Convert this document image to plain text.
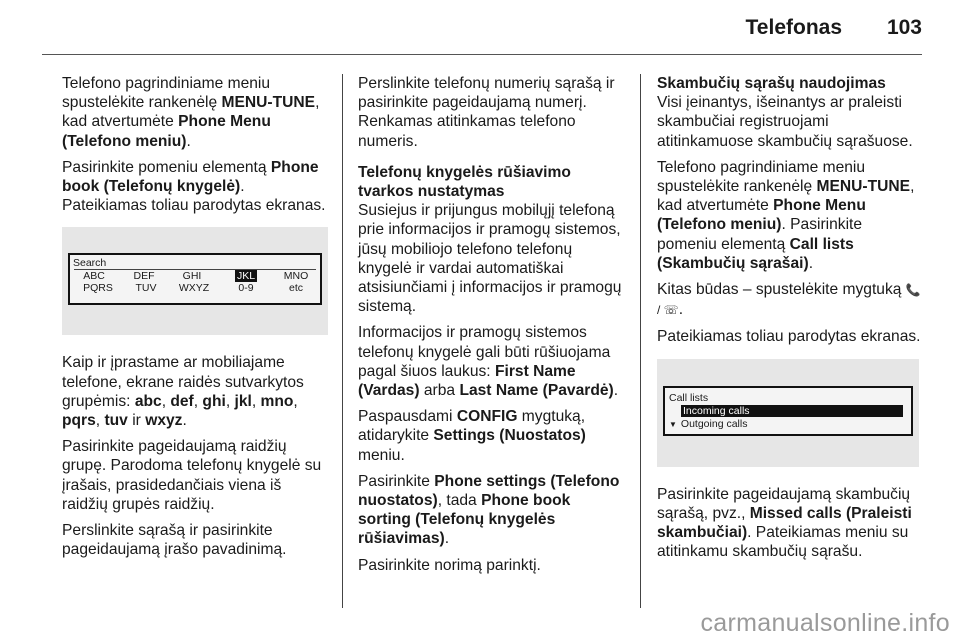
Telefonas 103

Telefono pagrindiniame meniu spustelėkite rankenėlę MENU-TUNE, kad atvertumėte Phone Menu (Telefono meniu).

Pasirinkite pomeniu elementą Phone book (Telefonų knygelė).
Pateikiamas toliau parodytas ekranas.

Search
ABC	DEF	GHI	JKL	MNO
PQRS	TUV	WXYZ	0-9	etc

Kaip ir įprastame ar mobiliajame telefone, ekrane raidės sutvarkytos grupėmis: abc, def, ghi, jkl, mno, pqrs, tuv ir wxyz.

Pasirinkite pageidaujamą raidžių grupę. Parodoma telefonų knygelė su įrašais, prasidedančiais viena iš raidžių grupės raidžių.

Perslinkite sąrašą ir pasirinkite pageidaujamą įrašo pavadinimą.

Perslinkite telefonų numerių sąrašą ir pasirinkite pageidaujamą numerį. Renkamas atitinkamas telefono numeris.

Telefonų knygelės rūšiavimo tvarkos nustatymas

Susiejus ir prijungus mobilųjį telefoną prie informacijos ir pramogų sistemos, jūsų mobiliojo telefono telefonų knygelė ir vardai automatiškai atsisiunčiami į informacijos ir pramogų sistemą.

Informacijos ir pramogų sistemos telefonų knygelė gali būti rūšiuojama pagal šiuos laukus: First Name (Vardas) arba Last Name (Pavardė).

Paspausdami CONFIG mygtuką, atidarykite Settings (Nuostatos) meniu.

Pasirinkite Phone settings (Telefono nuostatos), tada Phone book sorting (Telefonų knygelės rūšiavimas).

Pasirinkite norimą parinktį.

Skambučių sąrašų naudojimas

Visi įeinantys, išeinantys ar praleisti skambučiai registruojami atitinkamuose skambučių sąrašuose.

Telefono pagrindiniame meniu spustelėkite rankenėlę MENU-TUNE, kad atvertumėte Phone Menu (Telefono meniu). Pasirinkite pomeniu elementą Call lists (Skambučių sąrašai).

Kitas būdas – spustelėkite mygtuką 📞 / ☏.

Pateikiamas toliau parodytas ekranas.

Call lists
Incoming calls
▼ Outgoing calls

Pasirinkite pageidaujamą skambučių sąrašą, pvz., Missed calls (Praleisti skambučiai). Pateikiamas meniu su atitinkamu skambučių sąrašu.

carmanualsonline.info
